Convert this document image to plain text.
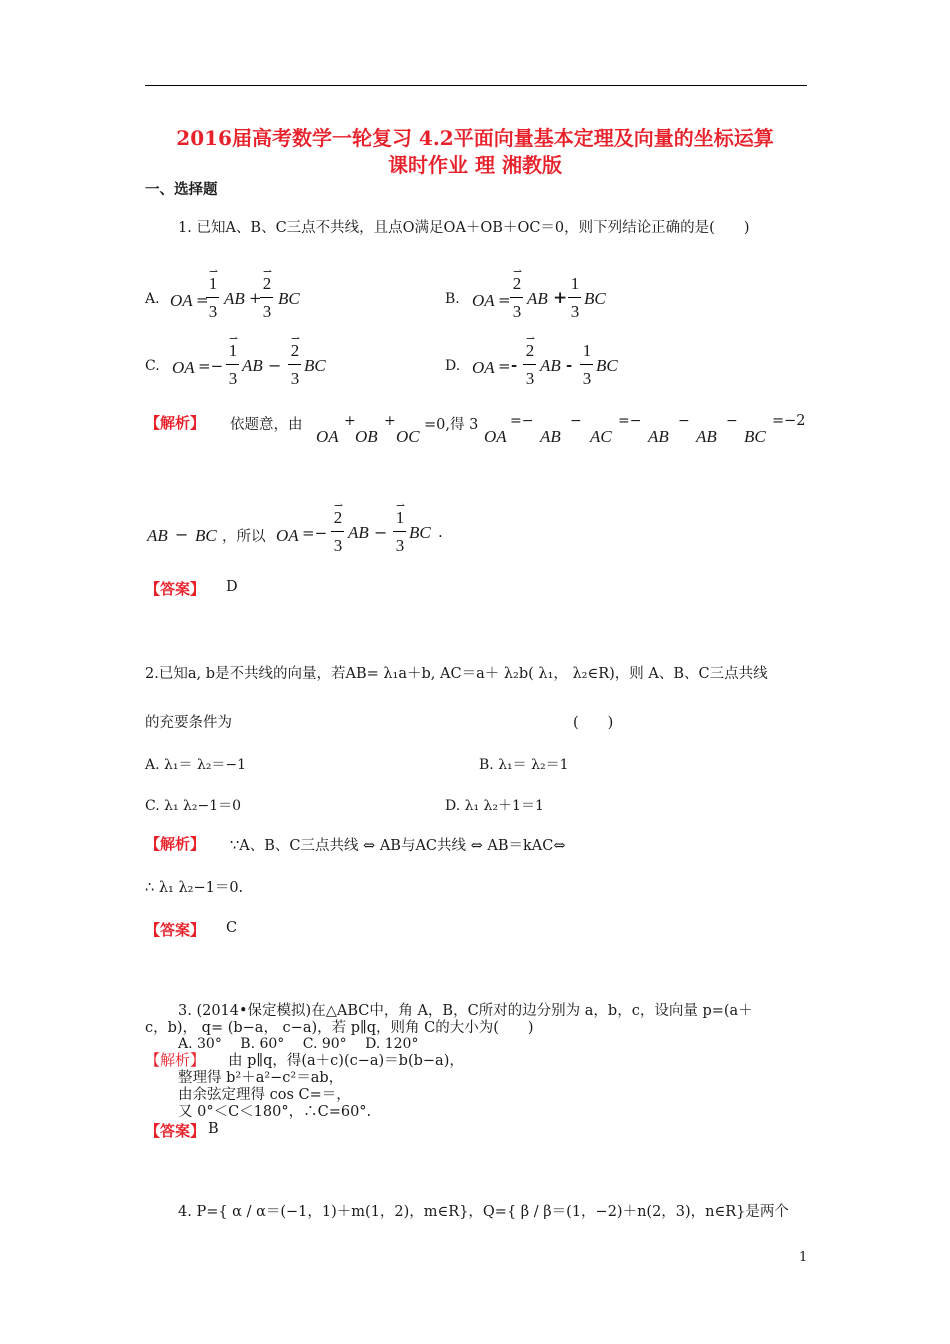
2016届高考数学一轮复习 4.2平面向量基本定理及向量的坐标运算
课时作业 理 湘教版
一、选择题
1. 已知A、B、C三点不共线，且点O满足OA＋OB＋OC＝0，则下列结论正确的是(　　)
A. OA =
1
3
⇀
AB +
2
3
⇀
BC	B. OA =
2
3
⇀
AB +
1
3
BC
C. OA =−
1
3
⇀
AB −
2
3
⇀
BC	D. OA = -
2
3
⇀
AB -
1
3
BC
【解析】 依题意，由
OA
+
OB
+
OC
=0,得 3
OA
=−
AB
−
AC
=−
AB
−
AB
−
BC
=−2
AB − BC ，所以 OA =−
2
3
⇀
AB −
1
3
⇀
BC .
【答案】 D
2.已知a, b是不共线的向量，若AB= λ₁a＋b, AC＝a＋ λ₂b( λ₁， λ₂∈R)，则 A、B、C三点共线
的充要条件为	(　　)
A. λ₁＝ λ₂＝−1	B. λ₁＝ λ₂＝1
C. λ₁ λ₂−1＝0	D. λ₁ λ₂＋1＝1
【解析】 ∵A、B、C三点共线 ⇔ AB与AC共线 ⇔ AB＝kAC⇔
∴ λ₁ λ₂−1＝0.
【答案】 C
3. (2014•保定模拟)在△ABC中，角 A，B，C所对的边分别为 a，b，c，设向量 p=(a＋
c，b)， q= (b−a， c−a)，若 p∥q，则角 C的大小为(　　)
A. 30°　 B. 60°　 C. 90°　 D. 120°
【解析】 由 p∥q，得(a＋c)(c−a)＝b(b−a)，
整理得 b²＋a²−c²＝ab，
由余弦定理得 cos C=＝，
又 0°＜C＜180°，∴C=60°.
【答案】 B
4. P={ α / α＝(−1，1)＋m(1，2)，m∈R}，Q={ β / β＝(1，−2)＋n(2，3)，n∈R}是两个
1
